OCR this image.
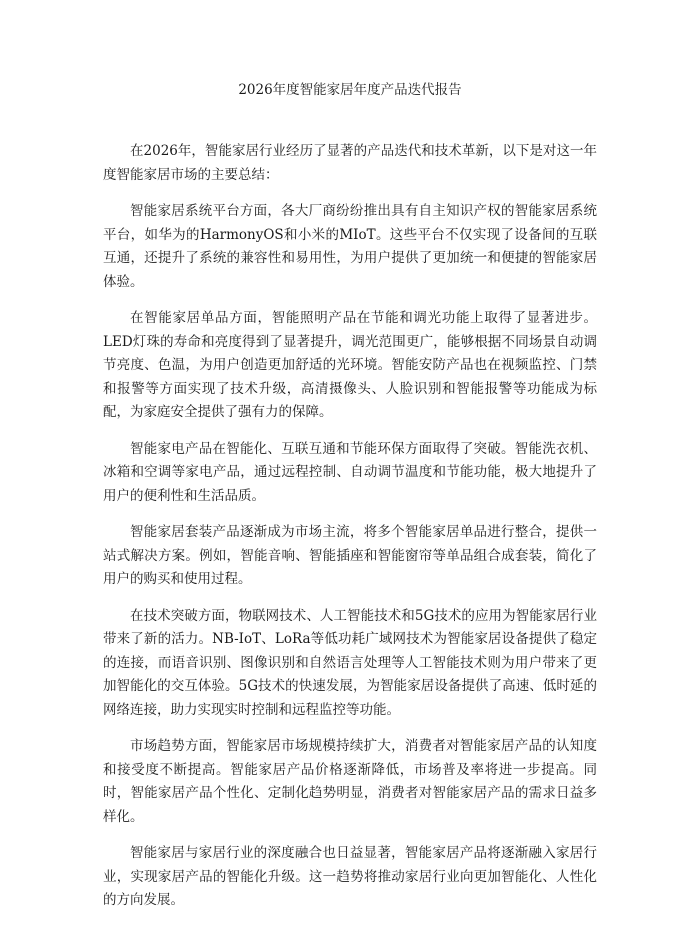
2026年度智能家居年度产品迭代报告

在2026年，智能家居行业经历了显著的产品迭代和技术革新，以下是对这一年度智能家居市场的主要总结：

智能家居系统平台方面，各大厂商纷纷推出具有自主知识产权的智能家居系统平台，如华为的HarmonyOS和小米的MIoT。这些平台不仅实现了设备间的互联互通，还提升了系统的兼容性和易用性，为用户提供了更加统一和便捷的智能家居体验。

在智能家居单品方面，智能照明产品在节能和调光功能上取得了显著进步。LED灯珠的寿命和亮度得到了显著提升，调光范围更广，能够根据不同场景自动调节亮度、色温，为用户创造更加舒适的光环境。智能安防产品也在视频监控、门禁和报警等方面实现了技术升级，高清摄像头、人脸识别和智能报警等功能成为标配，为家庭安全提供了强有力的保障。

智能家电产品在智能化、互联互通和节能环保方面取得了突破。智能洗衣机、冰箱和空调等家电产品，通过远程控制、自动调节温度和节能功能，极大地提升了用户的便利性和生活品质。

智能家居套装产品逐渐成为市场主流，将多个智能家居单品进行整合，提供一站式解决方案。例如，智能音响、智能插座和智能窗帘等单品组合成套装，简化了用户的购买和使用过程。

在技术突破方面，物联网技术、人工智能技术和5G技术的应用为智能家居行业带来了新的活力。NB-IoT、LoRa等低功耗广域网技术为智能家居设备提供了稳定的连接，而语音识别、图像识别和自然语言处理等人工智能技术则为用户带来了更加智能化的交互体验。5G技术的快速发展，为智能家居设备提供了高速、低时延的网络连接，助力实现实时控制和远程监控等功能。

市场趋势方面，智能家居市场规模持续扩大，消费者对智能家居产品的认知度和接受度不断提高。智能家居产品价格逐渐降低，市场普及率将进一步提高。同时，智能家居产品个性化、定制化趋势明显，消费者对智能家居产品的需求日益多样化。

智能家居与家居行业的深度融合也日益显著，智能家居产品将逐渐融入家居行业，实现家居产品的智能化升级。这一趋势将推动家居行业向更加智能化、人性化的方向发展。
